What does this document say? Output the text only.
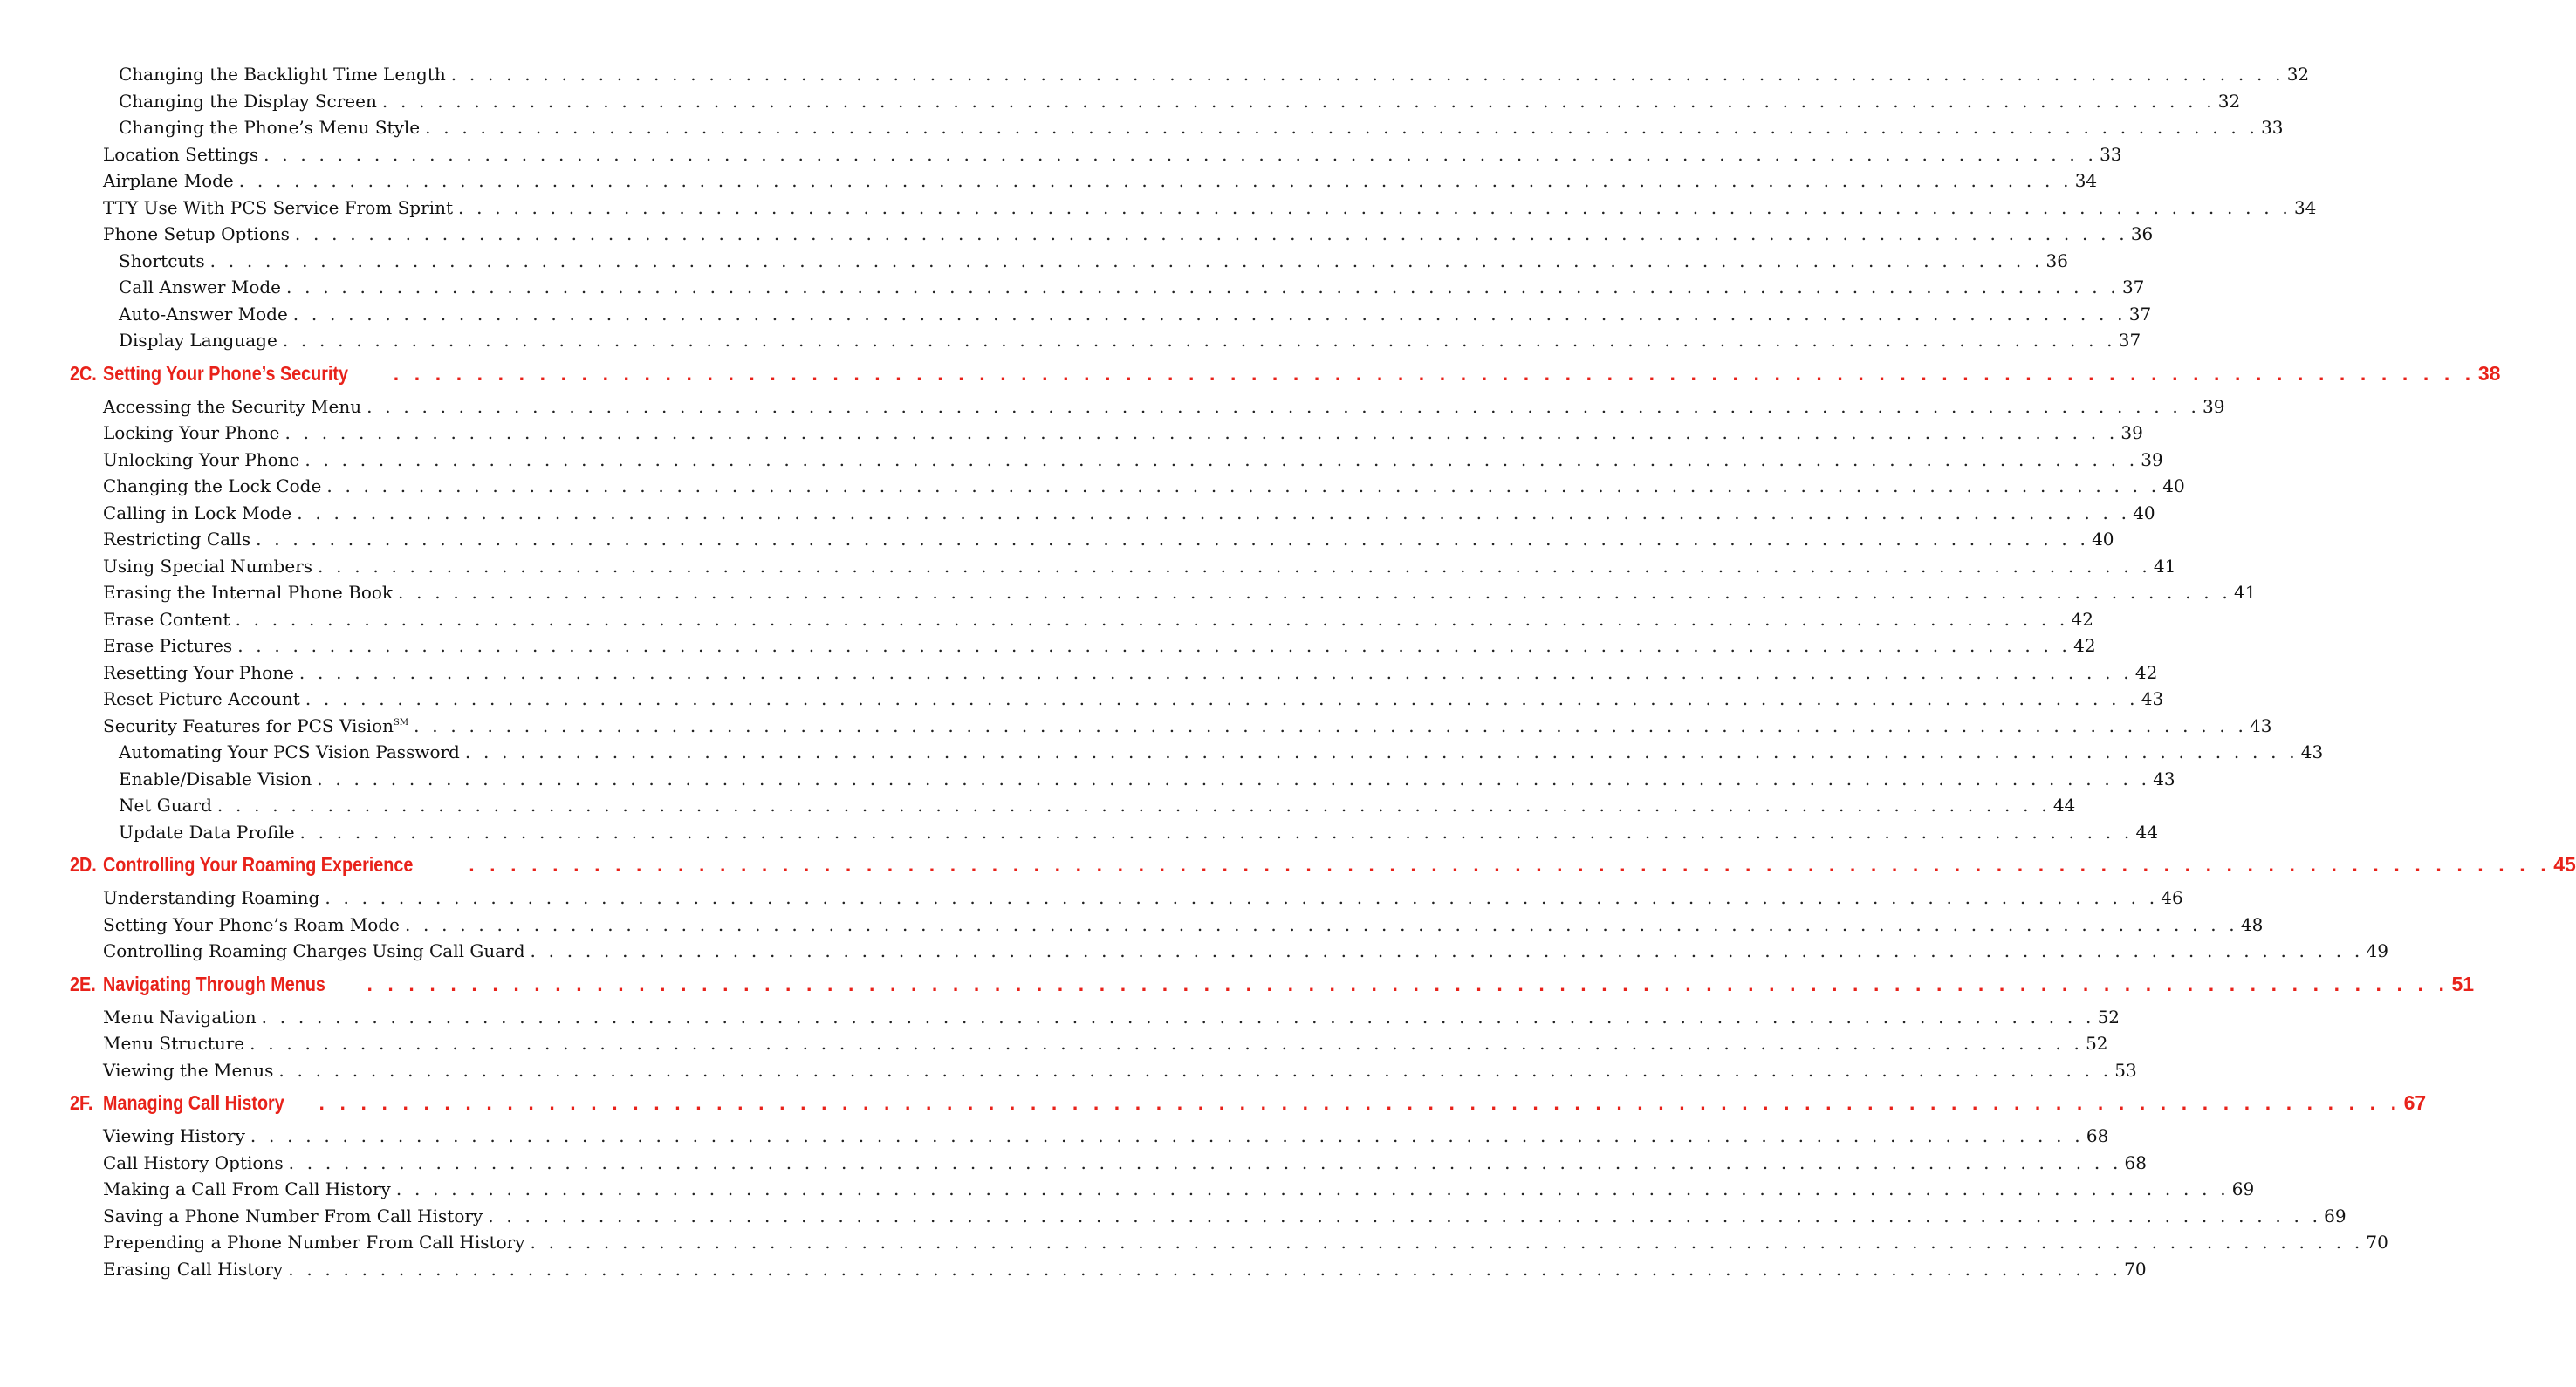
Changing the Backlight Time Length . . . . . . . . . . . . . . . . . . . . . . . . . . . . . . . . . . . . . . . . . . . . . . . . . . . . . . . . . . . . . . . . . . . . . . . . . . . . . . . . . . . . . . . . . . . . . . . . . . . . 32
Changing the Display Screen . . . . . . . . . . . . . . . . . . . . . . . . . . . . . . . . . . . . . . . . . . . . . . . . . . . . . . . . . . . . . . . . . . . . . . . . . . . . . . . . . . . . . . . . . . . . . . . . . . . . 32
Changing the Phone’s Menu Style . . . . . . . . . . . . . . . . . . . . . . . . . . . . . . . . . . . . . . . . . . . . . . . . . . . . . . . . . . . . . . . . . . . . . . . . . . . . . . . . . . . . . . . . . . . . . . . . . . . . 33
Location Settings . . . . . . . . . . . . . . . . . . . . . . . . . . . . . . . . . . . . . . . . . . . . . . . . . . . . . . . . . . . . . . . . . . . . . . . . . . . . . . . . . . . . . . . . . . . . . . . . . . . . 33
Airplane Mode . . . . . . . . . . . . . . . . . . . . . . . . . . . . . . . . . . . . . . . . . . . . . . . . . . . . . . . . . . . . . . . . . . . . . . . . . . . . . . . . . . . . . . . . . . . . . . . . . . . . 34
TTY Use With PCS Service From Sprint . . . . . . . . . . . . . . . . . . . . . . . . . . . . . . . . . . . . . . . . . . . . . . . . . . . . . . . . . . . . . . . . . . . . . . . . . . . . . . . . . . . . . . . . . . . . . . . . . . . . 34
Phone Setup Options . . . . . . . . . . . . . . . . . . . . . . . . . . . . . . . . . . . . . . . . . . . . . . . . . . . . . . . . . . . . . . . . . . . . . . . . . . . . . . . . . . . . . . . . . . . . . . . . . . . . 36
Shortcuts . . . . . . . . . . . . . . . . . . . . . . . . . . . . . . . . . . . . . . . . . . . . . . . . . . . . . . . . . . . . . . . . . . . . . . . . . . . . . . . . . . . . . . . . . . . . . . . . . . . . 36
Call Answer Mode . . . . . . . . . . . . . . . . . . . . . . . . . . . . . . . . . . . . . . . . . . . . . . . . . . . . . . . . . . . . . . . . . . . . . . . . . . . . . . . . . . . . . . . . . . . . . . . . . . . . 37
Auto-Answer Mode . . . . . . . . . . . . . . . . . . . . . . . . . . . . . . . . . . . . . . . . . . . . . . . . . . . . . . . . . . . . . . . . . . . . . . . . . . . . . . . . . . . . . . . . . . . . . . . . . . . . 37
Display Language . . . . . . . . . . . . . . . . . . . . . . . . . . . . . . . . . . . . . . . . . . . . . . . . . . . . . . . . . . . . . . . . . . . . . . . . . . . . . . . . . . . . . . . . . . . . . . . . . . . . 37
2C. Setting Your Phone’s Security . . . . . . . . . . . . . . . . . . . . . . . . . . . . . . . . . . . . . . . . . . . . . . . . . . . . . . . . . . . . . . . . . . . . . . . . . . . . . . . . . . . . . . . . . . . . . . . . . . . . 38
Accessing the Security Menu . . . . . . . . . . . . . . . . . . . . . . . . . . . . . . . . . . . . . . . . . . . . . . . . . . . . . . . . . . . . . . . . . . . . . . . . . . . . . . . . . . . . . . . . . . . . . . . . . . . . 39
Locking Your Phone . . . . . . . . . . . . . . . . . . . . . . . . . . . . . . . . . . . . . . . . . . . . . . . . . . . . . . . . . . . . . . . . . . . . . . . . . . . . . . . . . . . . . . . . . . . . . . . . . . . . 39
Unlocking Your Phone . . . . . . . . . . . . . . . . . . . . . . . . . . . . . . . . . . . . . . . . . . . . . . . . . . . . . . . . . . . . . . . . . . . . . . . . . . . . . . . . . . . . . . . . . . . . . . . . . . . . 39
Changing the Lock Code . . . . . . . . . . . . . . . . . . . . . . . . . . . . . . . . . . . . . . . . . . . . . . . . . . . . . . . . . . . . . . . . . . . . . . . . . . . . . . . . . . . . . . . . . . . . . . . . . . . . 40
Calling in Lock Mode . . . . . . . . . . . . . . . . . . . . . . . . . . . . . . . . . . . . . . . . . . . . . . . . . . . . . . . . . . . . . . . . . . . . . . . . . . . . . . . . . . . . . . . . . . . . . . . . . . . . 40
Restricting Calls . . . . . . . . . . . . . . . . . . . . . . . . . . . . . . . . . . . . . . . . . . . . . . . . . . . . . . . . . . . . . . . . . . . . . . . . . . . . . . . . . . . . . . . . . . . . . . . . . . . . 40
Using Special Numbers . . . . . . . . . . . . . . . . . . . . . . . . . . . . . . . . . . . . . . . . . . . . . . . . . . . . . . . . . . . . . . . . . . . . . . . . . . . . . . . . . . . . . . . . . . . . . . . . . . . . 41
Erasing the Internal Phone Book . . . . . . . . . . . . . . . . . . . . . . . . . . . . . . . . . . . . . . . . . . . . . . . . . . . . . . . . . . . . . . . . . . . . . . . . . . . . . . . . . . . . . . . . . . . . . . . . . . . . 41
Erase Content . . . . . . . . . . . . . . . . . . . . . . . . . . . . . . . . . . . . . . . . . . . . . . . . . . . . . . . . . . . . . . . . . . . . . . . . . . . . . . . . . . . . . . . . . . . . . . . . . . . . 42
Erase Pictures . . . . . . . . . . . . . . . . . . . . . . . . . . . . . . . . . . . . . . . . . . . . . . . . . . . . . . . . . . . . . . . . . . . . . . . . . . . . . . . . . . . . . . . . . . . . . . . . . . . . 42
Resetting Your Phone . . . . . . . . . . . . . . . . . . . . . . . . . . . . . . . . . . . . . . . . . . . . . . . . . . . . . . . . . . . . . . . . . . . . . . . . . . . . . . . . . . . . . . . . . . . . . . . . . . . . 42
Reset Picture Account . . . . . . . . . . . . . . . . . . . . . . . . . . . . . . . . . . . . . . . . . . . . . . . . . . . . . . . . . . . . . . . . . . . . . . . . . . . . . . . . . . . . . . . . . . . . . . . . . . . . 43
Security Features for PCS Vision℠ . . . . . . . . . . . . . . . . . . . . . . . . . . . . . . . . . . . . . . . . . . . . . . . . . . . . . . . . . . . . . . . . . . . . . . . . . . . . . . . . . . . . . . . . . . . . . . . . . . . . 43
Automating Your PCS Vision Password . . . . . . . . . . . . . . . . . . . . . . . . . . . . . . . . . . . . . . . . . . . . . . . . . . . . . . . . . . . . . . . . . . . . . . . . . . . . . . . . . . . . . . . . . . . . . . . . . . . . 43
Enable/Disable Vision . . . . . . . . . . . . . . . . . . . . . . . . . . . . . . . . . . . . . . . . . . . . . . . . . . . . . . . . . . . . . . . . . . . . . . . . . . . . . . . . . . . . . . . . . . . . . . . . . . . . 43
Net Guard . . . . . . . . . . . . . . . . . . . . . . . . . . . . . . . . . . . . . . . . . . . . . . . . . . . . . . . . . . . . . . . . . . . . . . . . . . . . . . . . . . . . . . . . . . . . . . . . . . . . 44
Update Data Profile . . . . . . . . . . . . . . . . . . . . . . . . . . . . . . . . . . . . . . . . . . . . . . . . . . . . . . . . . . . . . . . . . . . . . . . . . . . . . . . . . . . . . . . . . . . . . . . . . . . . 44
2D. Controlling Your Roaming Experience	. . . . . . . . . . . . . . . . . . . . . . . . . . . . . . . . . . . . . . . . . . . . . . . . . . . . . . . . . . . . . . . . . . . . . . . . . . . . . . . . . . . . . . . . . . . . . . . . . . . . 45
Understanding Roaming . . . . . . . . . . . . . . . . . . . . . . . . . . . . . . . . . . . . . . . . . . . . . . . . . . . . . . . . . . . . . . . . . . . . . . . . . . . . . . . . . . . . . . . . . . . . . . . . . . . . 46
Setting Your Phone’s Roam Mode . . . . . . . . . . . . . . . . . . . . . . . . . . . . . . . . . . . . . . . . . . . . . . . . . . . . . . . . . . . . . . . . . . . . . . . . . . . . . . . . . . . . . . . . . . . . . . . . . . . . 48
Controlling Roaming Charges Using Call Guard . . . . . . . . . . . . . . . . . . . . . . . . . . . . . . . . . . . . . . . . . . . . . . . . . . . . . . . . . . . . . . . . . . . . . . . . . . . . . . . . . . . . . . . . . . . . . . . . . . . . 49
2E. Navigating Through Menus . . . . . . . . . . . . . . . . . . . . . . . . . . . . . . . . . . . . . . . . . . . . . . . . . . . . . . . . . . . . . . . . . . . . . . . . . . . . . . . . . . . . . . . . . . . . . . . . . . . . 51
Menu Navigation . . . . . . . . . . . . . . . . . . . . . . . . . . . . . . . . . . . . . . . . . . . . . . . . . . . . . . . . . . . . . . . . . . . . . . . . . . . . . . . . . . . . . . . . . . . . . . . . . . . . 52
Menu Structure . . . . . . . . . . . . . . . . . . . . . . . . . . . . . . . . . . . . . . . . . . . . . . . . . . . . . . . . . . . . . . . . . . . . . . . . . . . . . . . . . . . . . . . . . . . . . . . . . . . . 52
Viewing the Menus . . . . . . . . . . . . . . . . . . . . . . . . . . . . . . . . . . . . . . . . . . . . . . . . . . . . . . . . . . . . . . . . . . . . . . . . . . . . . . . . . . . . . . . . . . . . . . . . . . . . 53
2F. Managing Call History . . . . . . . . . . . . . . . . . . . . . . . . . . . . . . . . . . . . . . . . . . . . . . . . . . . . . . . . . . . . . . . . . . . . . . . . . . . . . . . . . . . . . . . . . . . . . . . . . . . . 67
Viewing History . . . . . . . . . . . . . . . . . . . . . . . . . . . . . . . . . . . . . . . . . . . . . . . . . . . . . . . . . . . . . . . . . . . . . . . . . . . . . . . . . . . . . . . . . . . . . . . . . . . . 68
Call History Options . . . . . . . . . . . . . . . . . . . . . . . . . . . . . . . . . . . . . . . . . . . . . . . . . . . . . . . . . . . . . . . . . . . . . . . . . . . . . . . . . . . . . . . . . . . . . . . . . . . . 68
Making a Call From Call History . . . . . . . . . . . . . . . . . . . . . . . . . . . . . . . . . . . . . . . . . . . . . . . . . . . . . . . . . . . . . . . . . . . . . . . . . . . . . . . . . . . . . . . . . . . . . . . . . . . . 69
Saving a Phone Number From Call History . . . . . . . . . . . . . . . . . . . . . . . . . . . . . . . . . . . . . . . . . . . . . . . . . . . . . . . . . . . . . . . . . . . . . . . . . . . . . . . . . . . . . . . . . . . . . . . . . . . . 69
Prepending a Phone Number From Call History . . . . . . . . . . . . . . . . . . . . . . . . . . . . . . . . . . . . . . . . . . . . . . . . . . . . . . . . . . . . . . . . . . . . . . . . . . . . . . . . . . . . . . . . . . . . . . . . . . . . 70
Erasing Call History . . . . . . . . . . . . . . . . . . . . . . . . . . . . . . . . . . . . . . . . . . . . . . . . . . . . . . . . . . . . . . . . . . . . . . . . . . . . . . . . . . . . . . . . . . . . . . . . . . . . 70
